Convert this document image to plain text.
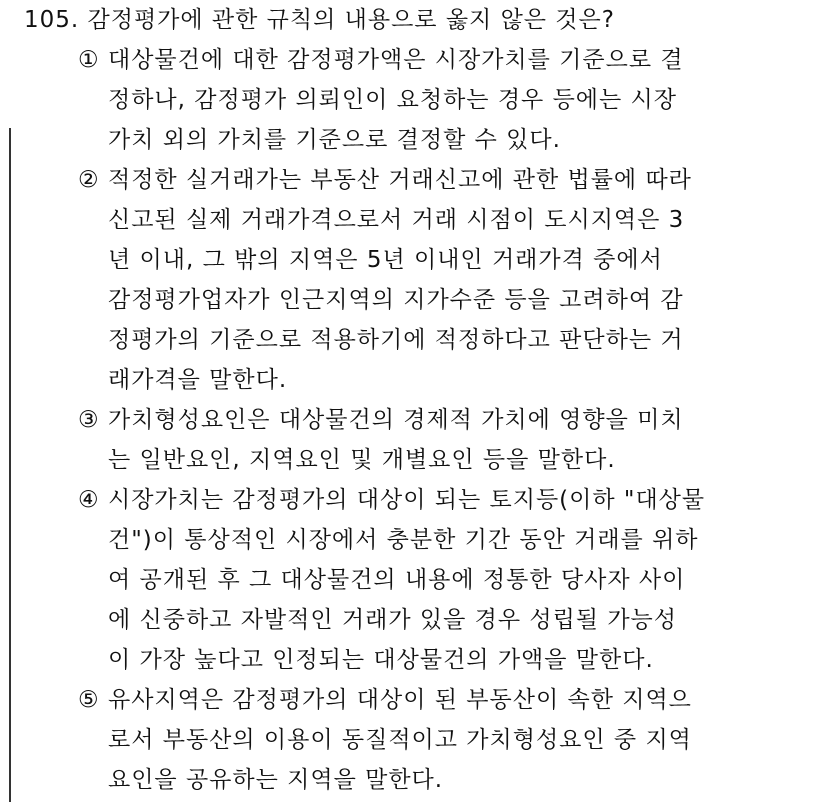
105. 감정평가에 관한 규칙의 내용으로 옳지 않은 것은?
① 대상물건에 대한 감정평가액은 시장가치를 기준으로 결
정하나, 감정평가 의뢰인이 요청하는 경우 등에는 시장
가치 외의 가치를 기준으로 결정할 수 있다.
② 적정한 실거래가는 부동산 거래신고에 관한 법률에 따라
신고된 실제 거래가격으로서 거래 시점이 도시지역은 3
년 이내, 그 밖의 지역은 5년 이내인 거래가격 중에서
감정평가업자가 인근지역의 지가수준 등을 고려하여 감
정평가의 기준으로 적용하기에 적정하다고 판단하는 거
래가격을 말한다.
③ 가치형성요인은 대상물건의 경제적 가치에 영향을 미치
는 일반요인, 지역요인 및 개별요인 등을 말한다.
④ 시장가치는 감정평가의 대상이 되는 토지등(이하 "대상물
건")이 통상적인 시장에서 충분한 기간 동안 거래를 위하
여 공개된 후 그 대상물건의 내용에 정통한 당사자 사이
에 신중하고 자발적인 거래가 있을 경우 성립될 가능성
이 가장 높다고 인정되는 대상물건의 가액을 말한다.
⑤ 유사지역은 감정평가의 대상이 된 부동산이 속한 지역으
로서 부동산의 이용이 동질적이고 가치형성요인 중 지역
요인을 공유하는 지역을 말한다.
